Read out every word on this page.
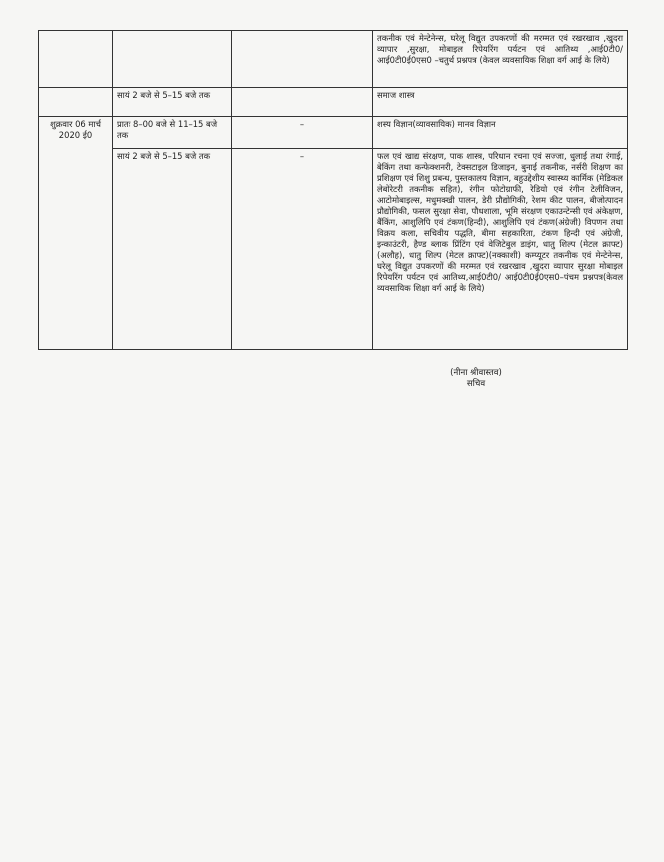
			तकनीक एवं मेन्टेनेन्स, घरेलू विद्युत उपकरणों की मरम्मत एवं रखरखाव ,खुदरा व्यापार ,सुरक्षा, मोबाइल रिपेयरिंग पर्यटन एवं आतिथ्य ,आई0टी0/ आई0टी0ई0एस0 –चतुर्थ प्रश्नपत्र (केवल व्यवसायिक शिक्षा वर्ग आई के लिये)
	सायं 2 बजे से 5–15 बजे तक		समाज शास्त्र
शुक्रवार 06 मार्च 2020 ई0	प्रातः 8–00 बजे से 11–15 बजे तक	–	शस्य विज्ञान(व्यावसायिक) मानव विज्ञान
	सायं 2 बजे से 5–15 बजे तक	–	फल एवं खाद्य संरक्षण, पाक शास्त्र, परिधान रचना एवं सज्जा, धुलाई तथा रंगाई, बेकिंग तथा कन्फेक्शनरी, टेक्सटाइल डिजाइन, बुनाई तकनीक, नर्सरी शिक्षण का प्रशिक्षण एवं शिशु प्रबन्ध, पुस्तकालय विज्ञान, बहुउद्देशीय स्वास्थ्य कार्मिक (मेडिकल लेबोरेटरी तकनीक सहित), रंगीन फोटोग्राफी, रेडियो एवं रंगीन टेलीविजन, आटोमोबाइल्स, मधुमक्खी पालन, डेरी प्रौद्योगिकी, रेशम कीट पालन, बीजोत्पादन प्रौद्योगिकी, फसल सुरक्षा सेवा, पौधशाला, भूमि संरक्षण एकाउन्टेन्सी एवं अंकेक्षण, बैंकिंग, आशुलिपि एवं टंकण(हिन्दी), आशुलिपि एवं टंकण(अंग्रेजी) विपणन तथा विक्रय कला, सचिवीय पद्धति, बीमा सहकारिता, टंकण हिन्दी एवं अंग्रेजी, इन्काउंटरी, हैण्ड ब्लाक प्रिंटिंग एवं वेजिटेबुल डाइंग, धातु शिल्प (मेटल क्राफ्ट)(अलौह), धातु शिल्प (मेटल क्राफ्ट)(नक्काशी) कम्प्यूटर तकनीक एवं मेन्टेनेन्स, घरेलू विद्युत उपकरणों की मरम्मत एवं रखरखाव ,खुदरा व्यापार सुरक्षा मोबाइल रिपेयरिंग पर्यटन एवं आतिथ्य,आई0टी0/ आई0टी0ई0एस0–पंचम प्रश्नपत्र(केवल व्यवसायिक शिक्षा वर्ग आई के लिये)
(नीना श्रीवास्तव)
सचिव
